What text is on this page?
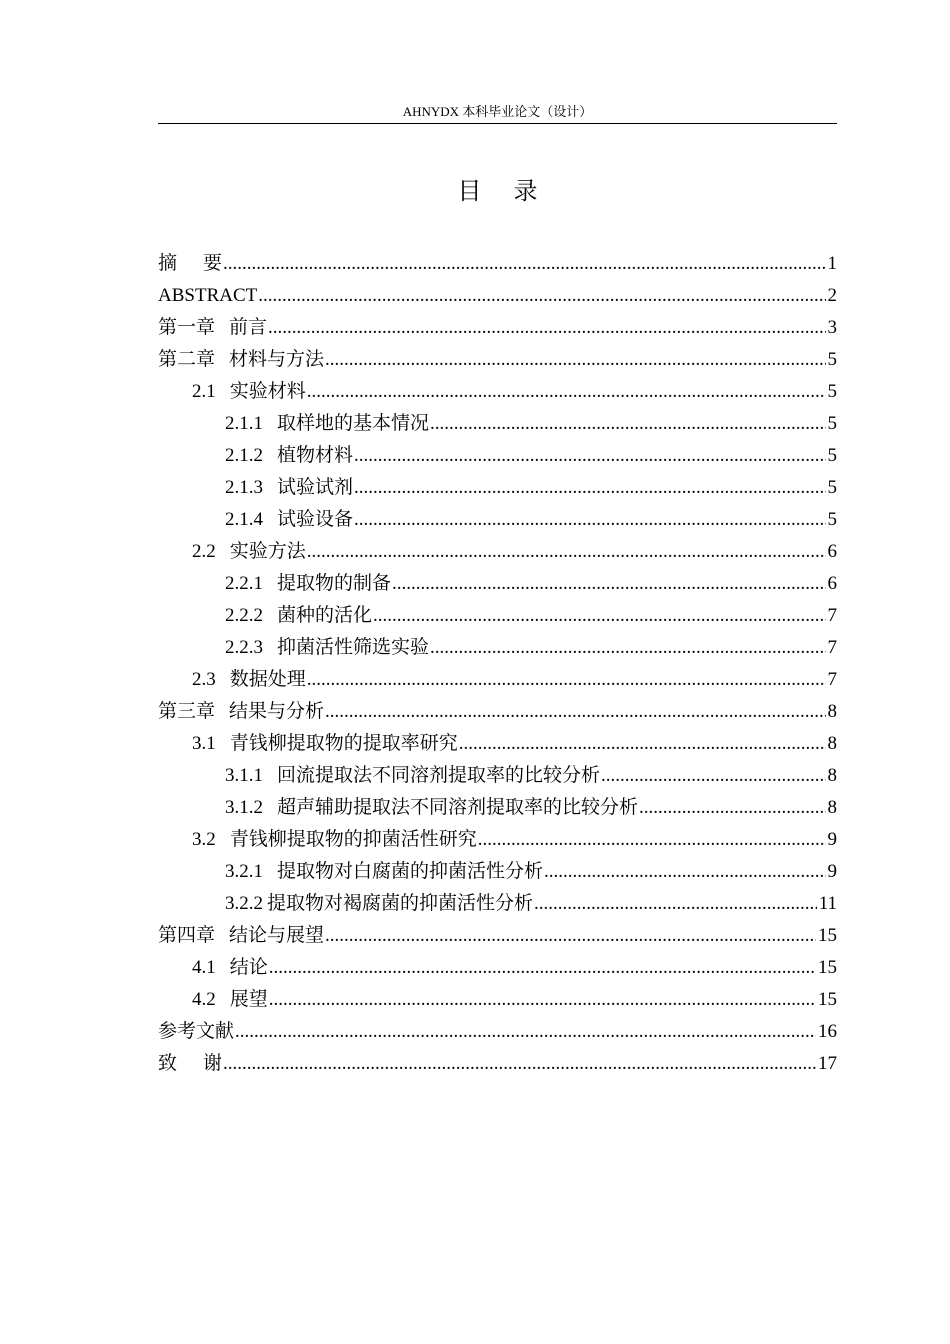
AHNYDX 本科毕业论文（设计）
目 录
摘 要 .....	1
ABSTRACT .....	2
第一章 前言 .....	3
第二章 材料与方法 .....	5
2.1 实验材料 .....	5
2.1.1 取样地的基本情况 .....	5
2.1.2 植物材料 .....	5
2.1.3 试验试剂 .....	5
2.1.4 试验设备 .....	5
2.2 实验方法 .....	6
2.2.1 提取物的制备 .....	6
2.2.2 菌种的活化 .....	7
2.2.3 抑菌活性筛选实验 .....	7
2.3 数据处理 .....	7
第三章 结果与分析 .....	8
3.1 青钱柳提取物的提取率研究 .....	8
3.1.1 回流提取法不同溶剂提取率的比较分析 .....	8
3.1.2 超声辅助提取法不同溶剂提取率的比较分析 .....	8
3.2 青钱柳提取物的抑菌活性研究 .....	9
3.2.1 提取物对白腐菌的抑菌活性分析 .....	9
3.2.2 提取物对褐腐菌的抑菌活性分析 .....	11
第四章 结论与展望 .....	15
4.1 结论 .....	15
4.2 展望 .....	15
参考文献 .....	16
致 谢 .....	17
